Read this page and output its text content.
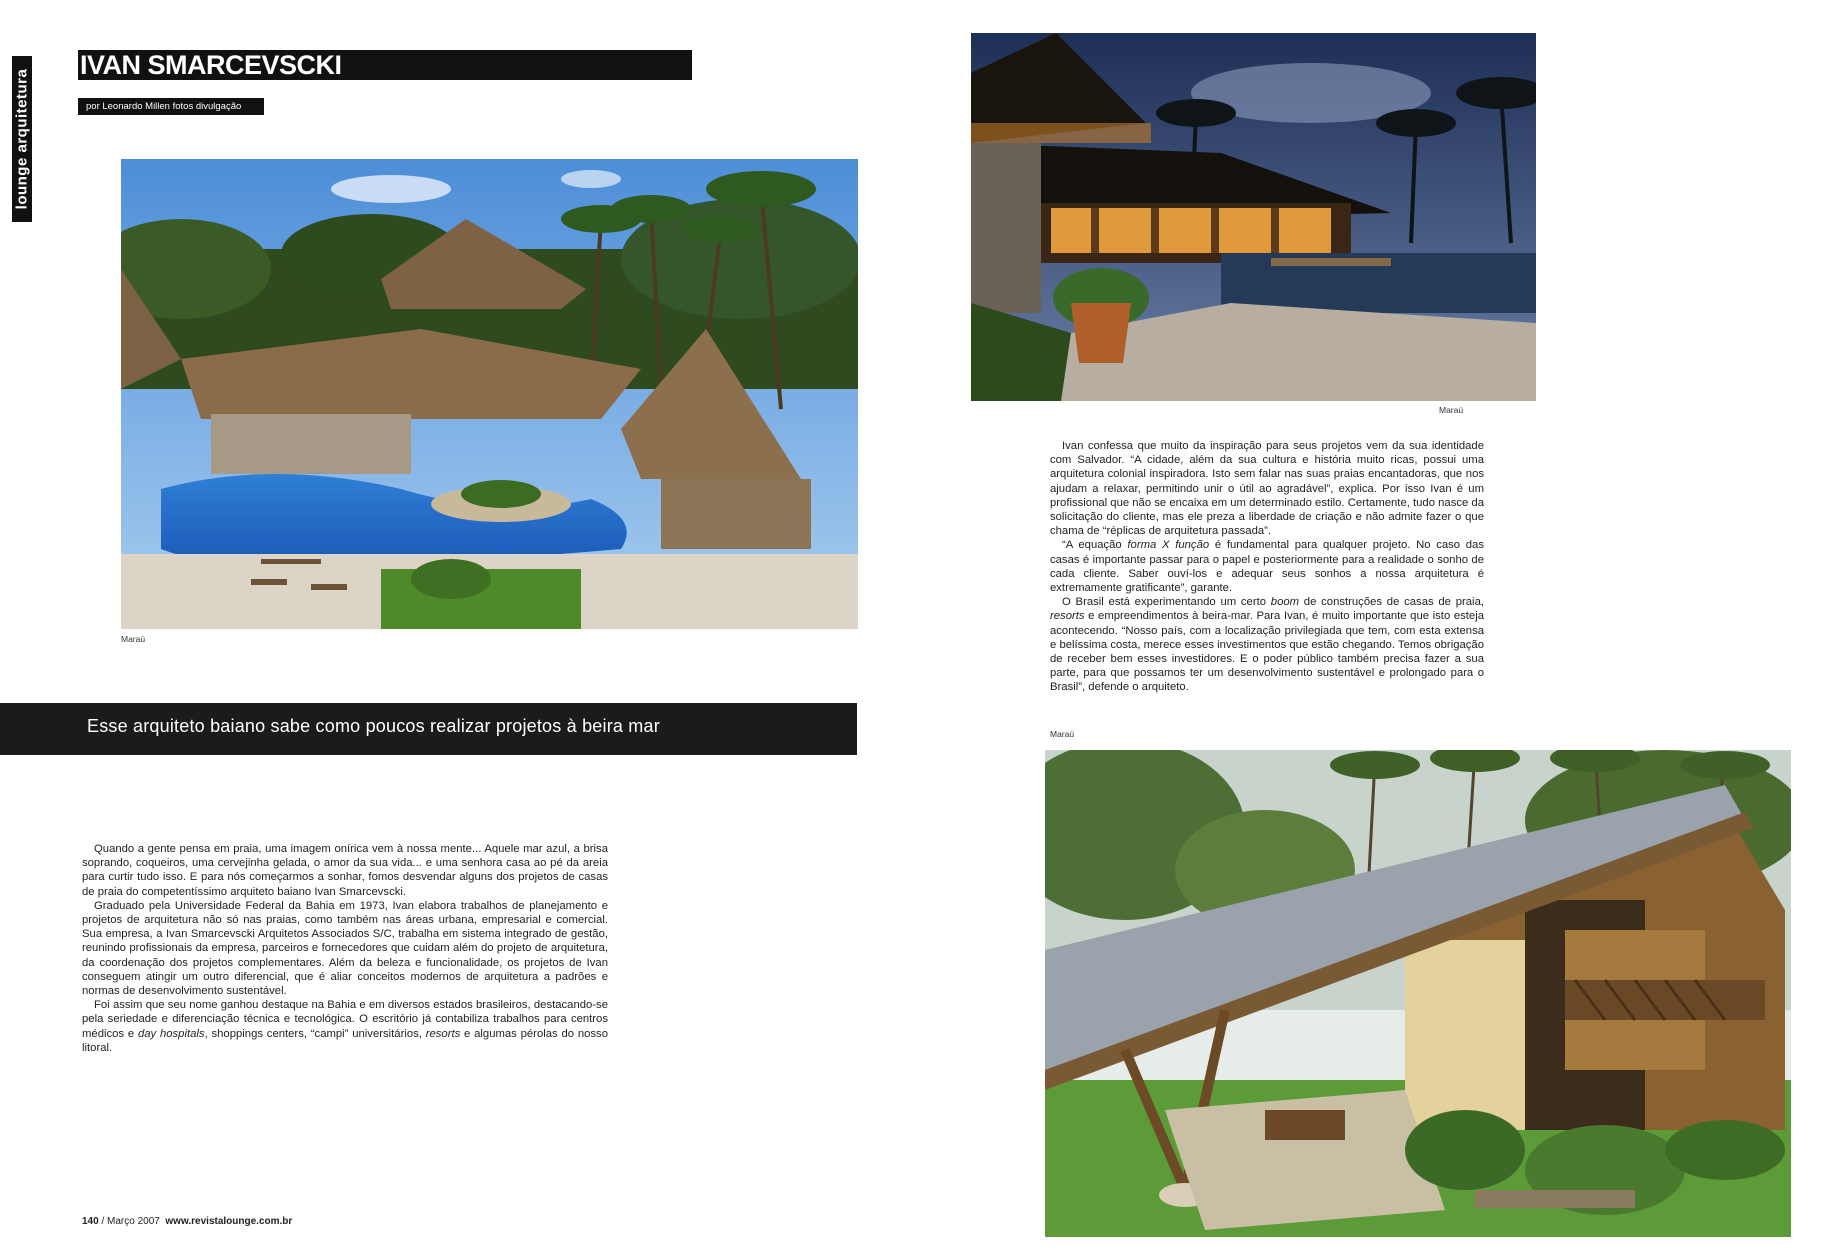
lounge arquitetura
IVAN SMARCEVSCKI
por Leonardo Millen fotos divulgação
Maraú
Esse arquiteto baiano sabe como poucos realizar projetos à beira mar

Quando a gente pensa em praia, uma imagem onírica vem à nossa mente... Aquele mar azul, a brisa soprando, coqueiros, uma cervejinha gelada, o amor da sua vida... e uma senhora casa ao pé da areia para curtir tudo isso. E para nós começarmos a sonhar, fomos desvendar alguns dos projetos de casas de praia do competentíssimo arquiteto baiano Ivan Smarcevscki.

Graduado pela Universidade Federal da Bahia em 1973, Ivan elabora trabalhos de planejamento e projetos de arquitetura não só nas praias, como também nas áreas urbana, empresarial e comercial. Sua empresa, a Ivan Smarcevscki Arquitetos Associados S/C, trabalha em sistema integrado de gestão, reunindo profissionais da empresa, parceiros e fornecedores que cuidam além do projeto de arquitetura, da coordenação dos projetos complementares. Além da beleza e funcionalidade, os projetos de Ivan conseguem atingir um outro diferencial, que é aliar conceitos modernos de arquitetura a padrões e normas de desenvolvimento sustentável.

Foi assim que seu nome ganhou destaque na Bahia e em diversos estados brasileiros, destacando-se pela seriedade e diferenciação técnica e tecnológica. O escritório já contabiliza trabalhos para centros médicos e day hospitals, shoppings centers, “campi” universitários, resorts e algumas pérolas do nosso litoral.

140 / Março 2007 www.revistalounge.com.br
Maraú

Ivan confessa que muito da inspiração para seus projetos vem da sua identidade com Salvador. “A cidade, além da sua cultura e história muito ricas, possui uma arquitetura colonial inspiradora. Isto sem falar nas suas praias encantadoras, que nos ajudam a relaxar, permitindo unir o útil ao agradável”, explica. Por isso Ivan é um profissional que não se encaixa em um determinado estilo. Certamente, tudo nasce da solicitação do cliente, mas ele preza a liberdade de criação e não admite fazer o que chama de “réplicas de arquitetura passada”.

“A equação forma X função é fundamental para qualquer projeto. No caso das casas é importante passar para o papel e posteriormente para a realidade o sonho de cada cliente. Saber ouví-los e adequar seus sonhos a nossa arquitetura é extremamente gratificante”, garante.

O Brasil está experimentando um certo boom de construções de casas de praia, resorts e empreendimentos à beira-mar. Para Ivan, é muito importante que isto esteja acontecendo. “Nosso país, com a localização privilegiada que tem, com esta extensa e belíssima costa, merece esses investimentos que estão chegando. Temos obrigação de receber bem esses investidores. E o poder público também precisa fazer a sua parte, para que possamos ter um desenvolvimento sustentável e prolongado para o Brasil”, defende o arquiteto.

Maraú
